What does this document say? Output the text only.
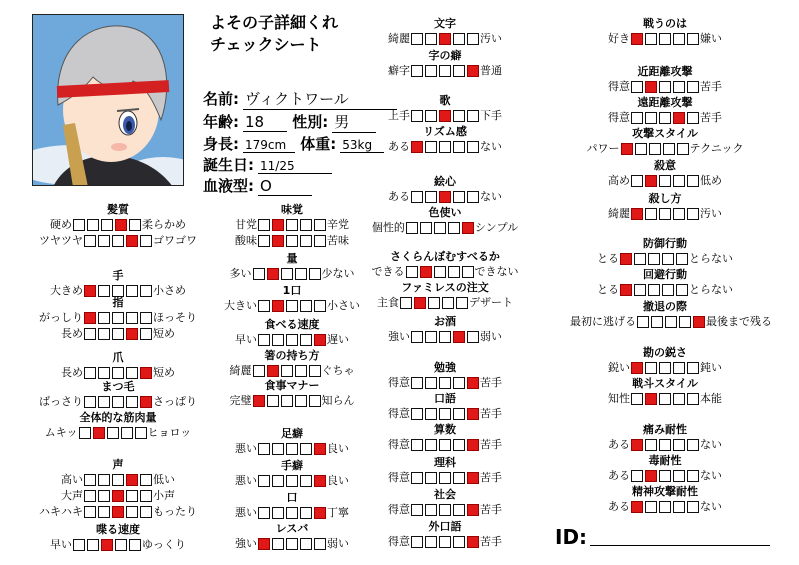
よその子詳細くれ
チェックシート
名前: ヴィクトワール
年齢: 18 性別: 男
身長: 179cm 体重: 53kg
誕生日: 11/25
血液型: O
文字
綺麗	汚い
字の癖
癖字	普通
歌
上手	下手
リズム感
ある	ない
絵心
ある	ない
色使い
個性的	シンプル
さくらんぼむすべるか
できる	できない
ファミレスの注文
主食	デザート
お酒
強い	弱い
勉強
得意	苦手
口語
得意	苦手
算数
得意	苦手
理科
得意	苦手
社会
得意	苦手
外口語
得意	苦手
髪質
硬め	柔らかめ
ツヤツヤ	ゴワゴワ
手
大きめ	小さめ
指
がっしり	ほっそり
長め	短め
爪
長め	短め
まつ毛
ばっさり	さっぱり
全体的な筋肉量
ムキッ	ヒョロッ
声
高い	低い
大声	小声
ハキハキ	もったり
喋る速度
早い	ゆっくり
味覚
甘党	辛党
酸味	苦味
量
多い	少ない
1口
大きい	小さい
食べる速度
早い	遅い
箸の持ち方
綺麗	ぐちゃ
食事マナー
完璧	知らん
足癖
悪い	良い
手癖
悪い	良い
口
悪い	丁寧
レスバ
強い	弱い
戦うのは
好き	嫌い
近距離攻撃
得意	苦手
遠距離攻撃
得意	苦手
攻撃スタイル
パワー	テクニック
殺意
高め	低め
殺し方
綺麗	汚い
防御行動
とる	とらない
回避行動
とる	とらない
撤退の際
最初に逃げる	最後まで残る
勘の鋭さ
鋭い	鈍い
戦斗スタイル
知性	本能
痛み耐性
ある	ない
毒耐性
ある	ない
精神攻撃耐性
ある	ない
ID:
